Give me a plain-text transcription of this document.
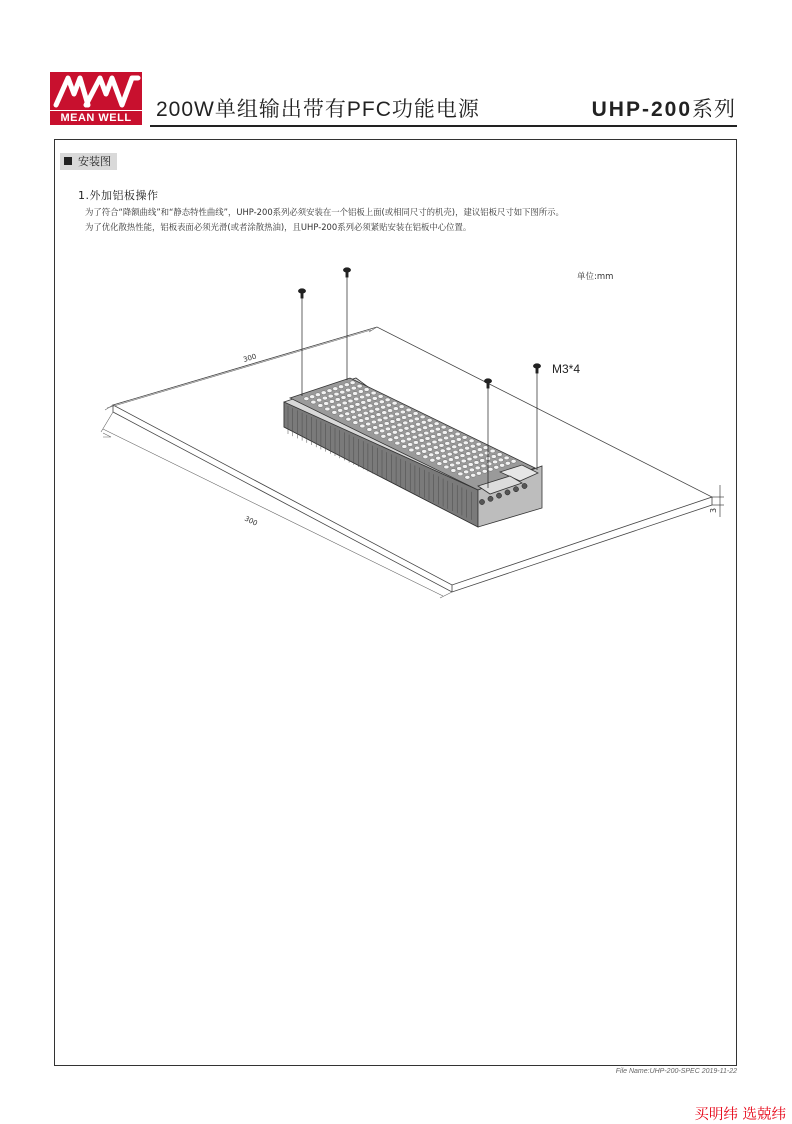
MEAN WELL	200W单组输出带有PFC功能电源	UHP-200系列
安装图
1.外加铝板操作
为了符合“降额曲线”和“静态特性曲线”，UHP-200系列必须安装在一个铝板上面(或相同尺寸的机壳)，建议铝板尺寸如下图所示。
为了优化散热性能，铝板表面必须光滑(或者涂散热油)，且UHP-200系列必须紧贴安装在铝板中心位置。
单位:mm
300
300
3
M3*4
File Name:UHP-200-SPEC 2019-11-22
买明纬 选兢纬
